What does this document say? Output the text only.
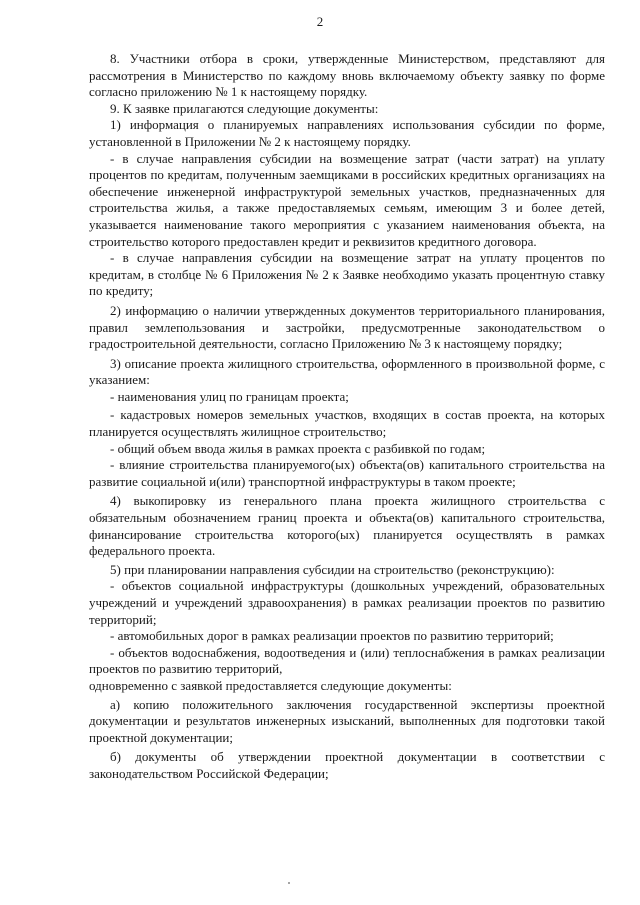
2

8. Участники отбора в сроки, утвержденные Министерством, представляют для рассмотрения в Министерство по каждому вновь включаемому объекту заявку по форме согласно приложению № 1 к настоящему порядку.

9. К заявке прилагаются следующие документы:

1) информация о планируемых направлениях использования субсидии по форме, установленной в Приложении № 2 к настоящему порядку.

- в случае направления субсидии на возмещение затрат (части затрат) на уплату процентов по кредитам, полученным заемщиками в российских кредитных организациях на обеспечение инженерной инфраструктурой земельных участков, предназначенных для строительства жилья, а также предоставляемых семьям, имеющим 3 и более детей, указывается наименование такого мероприятия с указанием наименования объекта, на строительство которого предоставлен кредит и реквизитов кредитного договора.

- в случае направления субсидии на возмещение затрат на уплату процентов по кредитам, в столбце № 6 Приложения № 2 к Заявке необходимо указать процентную ставку по кредиту;

2) информацию о наличии утвержденных документов территориального планирования, правил землепользования и застройки, предусмотренные законодательством о градостроительной деятельности, согласно Приложению № 3 к настоящему порядку;

3) описание проекта жилищного строительства, оформленного в произвольной форме, с указанием:

- наименования улиц по границам проекта;

- кадастровых номеров земельных участков, входящих в состав проекта, на которых планируется осуществлять жилищное строительство;

- общий объем ввода жилья в рамках проекта с разбивкой по годам;

- влияние строительства планируемого(ых) объекта(ов) капитального строительства на развитие социальной и(или) транспортной инфраструктуры в таком проекте;

4) выкопировку из генерального плана проекта жилищного строительства с обязательным обозначением границ проекта и объекта(ов) капитального строительства, финансирование строительства которого(ых) планируется осуществлять в рамках федерального проекта.

5) при планировании направления субсидии на строительство (реконструкцию):

- объектов социальной инфраструктуры (дошкольных учреждений, образовательных учреждений и учреждений здравоохранения) в рамках реализации проектов по развитию территорий;

- автомобильных дорог в рамках реализации проектов по развитию территорий;

- объектов водоснабжения, водоотведения и (или) теплоснабжения в рамках реализации проектов по развитию территорий,

одновременно с заявкой предоставляется следующие документы:

а) копию положительного заключения государственной экспертизы проектной документации и результатов инженерных изысканий, выполненных для подготовки такой проектной документации;

б) документы об утверждении проектной документации в соответствии с законодательством Российской Федерации;
